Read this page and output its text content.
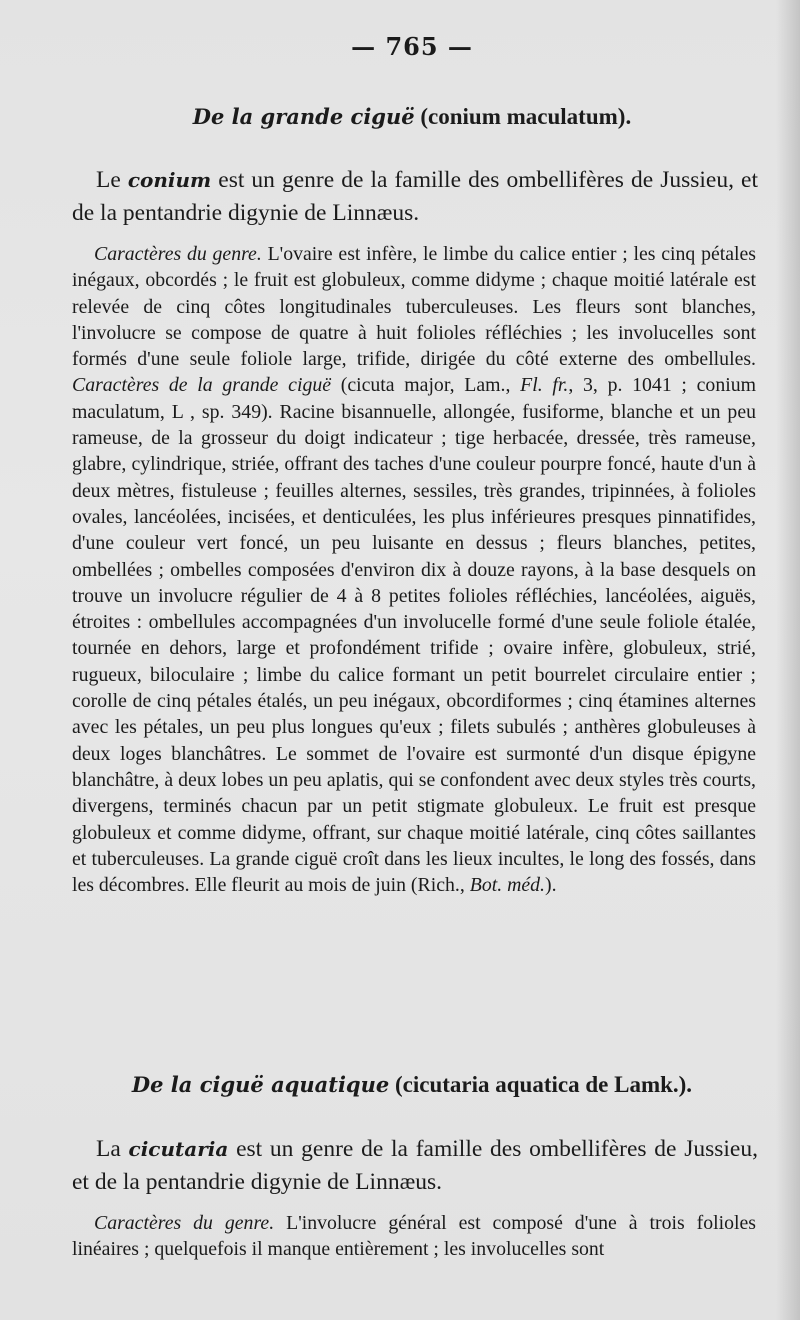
— 765 —
De la grande ciguë (conium maculatum).
Le conium est un genre de la famille des ombellifères de Jussieu, et de la pentandrie digynie de Linnæus.
Caractères du genre. L'ovaire est infère, le limbe du calice entier ; les cinq pétales inégaux, obcordés ; le fruit est globuleux, comme didyme ; chaque moitié latérale est relevée de cinq côtes longitudinales tuberculeuses. Les fleurs sont blanches, l'involucre se compose de quatre à huit folioles réfléchies ; les involucelles sont formés d'une seule foliole large, trifide, dirigée du côté externe des ombellules. Caractères de la grande ciguë (cicuta major, Lam., Fl. fr., 3, p. 1041 ; conium maculatum, L , sp. 349). Racine bisannuelle, allongée, fusiforme, blanche et un peu rameuse, de la grosseur du doigt indicateur ; tige herbacée, dressée, très rameuse, glabre, cylindrique, striée, offrant des taches d'une couleur pourpre foncé, haute d'un à deux mètres, fistuleuse ; feuilles alternes, sessiles, très grandes, tripinnées, à folioles ovales, lancéolées, incisées, et denticulées, les plus inférieures presques pinnatifides, d'une couleur vert foncé, un peu luisante en dessus ; fleurs blanches, petites, ombellées ; ombelles composées d'environ dix à douze rayons, à la base desquels on trouve un involucre régulier de 4 à 8 petites folioles réfléchies, lancéolées, aiguës, étroites : ombellules accompagnées d'un involucelle formé d'une seule foliole étalée, tournée en dehors, large et profondément trifide ; ovaire infère, globuleux, strié, rugueux, biloculaire ; limbe du calice formant un petit bourrelet circulaire entier ; corolle de cinq pétales étalés, un peu inégaux, obcordiformes ; cinq étamines alternes avec les pétales, un peu plus longues qu'eux ; filets subulés ; anthères globuleuses à deux loges blanchâtres. Le sommet de l'ovaire est surmonté d'un disque épigyne blanchâtre, à deux lobes un peu aplatis, qui se confondent avec deux styles très courts, divergens, terminés chacun par un petit stigmate globuleux. Le fruit est presque globuleux et comme didyme, offrant, sur chaque moitié latérale, cinq côtes saillantes et tuberculeuses. La grande ciguë croît dans les lieux incultes, le long des fossés, dans les décombres. Elle fleurit au mois de juin (Rich., Bot. méd.).
De la ciguë aquatique (cicutaria aquatica de Lamk.).
La cicutaria est un genre de la famille des ombellifères de Jussieu, et de la pentandrie digynie de Linnæus.
Caractères du genre. L'involucre général est composé d'une à trois folioles linéaires ; quelquefois il manque entièrement ; les involucelles sont
